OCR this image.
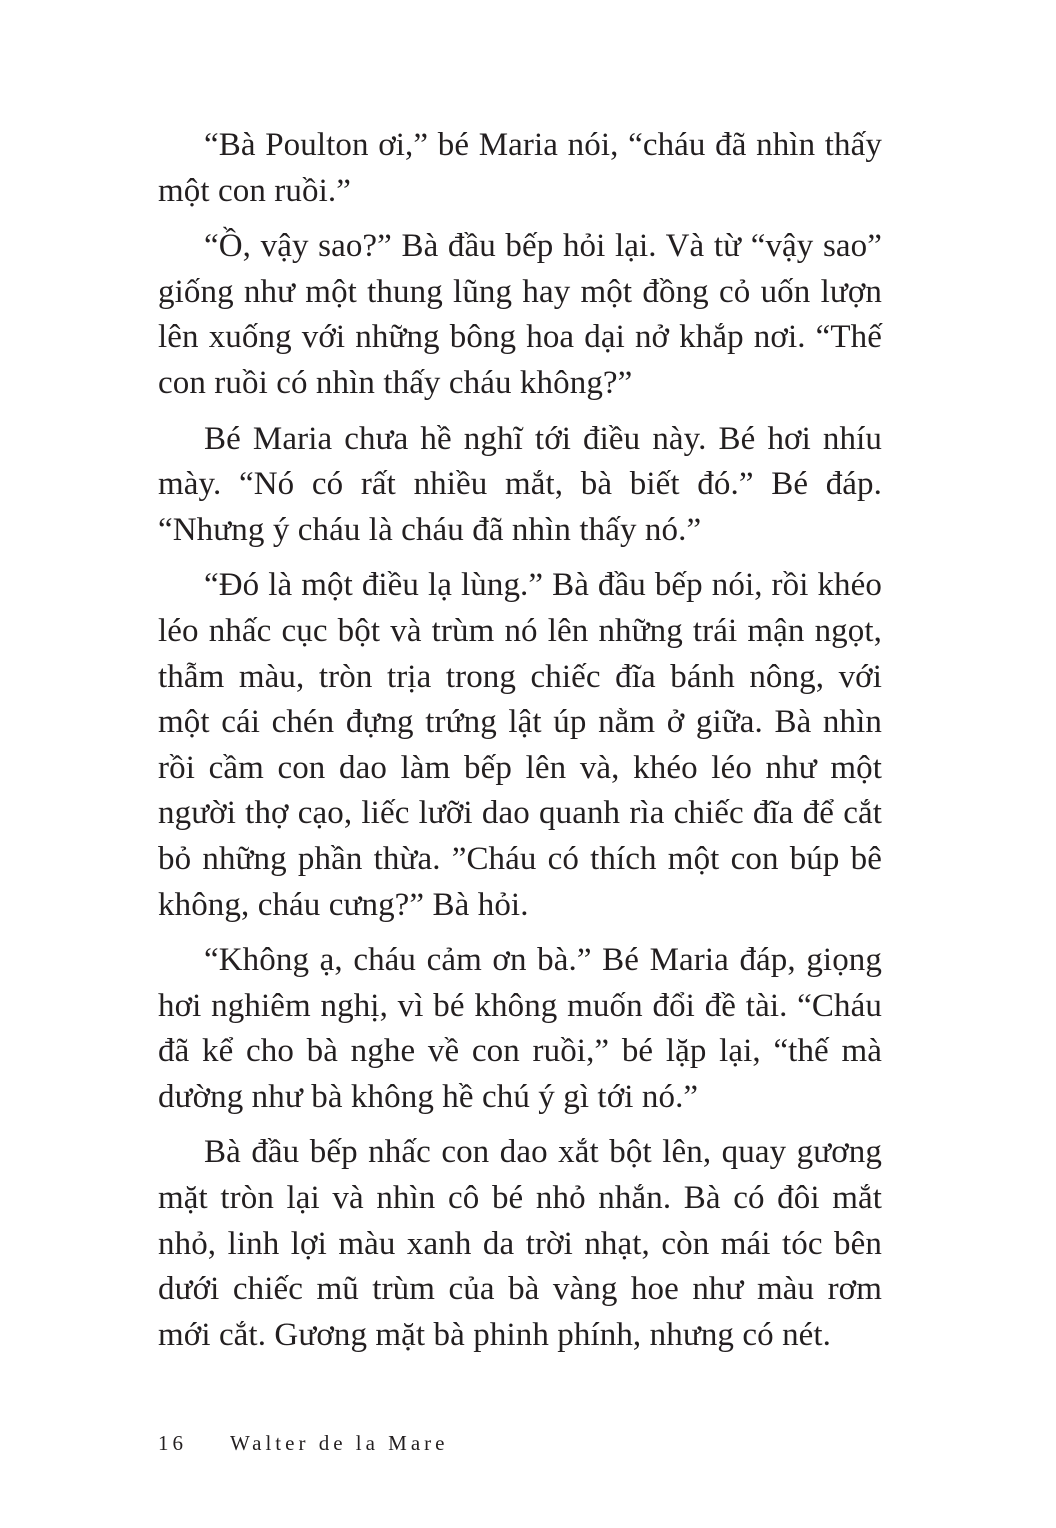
“Bà Poulton ơi,” bé Maria nói, “cháu đã nhìn thấy một con ruồi.”

“Ồ, vậy sao?” Bà đầu bếp hỏi lại. Và từ “vậy sao” giống như một thung lũng hay một đồng cỏ uốn lượn lên xuống với những bông hoa dại nở khắp nơi. “Thế con ruồi có nhìn thấy cháu không?”

Bé Maria chưa hề nghĩ tới điều này. Bé hơi nhíu mày. “Nó có rất nhiều mắt, bà biết đó.” Bé đáp. “Nhưng ý cháu là cháu đã nhìn thấy nó.”

“Đó là một điều lạ lùng.” Bà đầu bếp nói, rồi khéo léo nhấc cục bột và trùm nó lên những trái mận ngọt, thẫm màu, tròn trịa trong chiếc đĩa bánh nông, với một cái chén đựng trứng lật úp nằm ở giữa. Bà nhìn rồi cầm con dao làm bếp lên và, khéo léo như một người thợ cạo, liếc lưỡi dao quanh rìa chiếc đĩa để cắt bỏ những phần thừa. ”Cháu có thích một con búp bê không, cháu cưng?” Bà hỏi.

“Không ạ, cháu cảm ơn bà.” Bé Maria đáp, giọng hơi nghiêm nghị, vì bé không muốn đổi đề tài. “Cháu đã kể cho bà nghe về con ruồi,” bé lặp lại, “thế mà dường như bà không hề chú ý gì tới nó.”

Bà đầu bếp nhấc con dao xắt bột lên, quay gương mặt tròn lại và nhìn cô bé nhỏ nhắn. Bà có đôi mắt nhỏ, linh lợi màu xanh da trời nhạt, còn mái tóc bên dưới chiếc mũ trùm của bà vàng hoe như màu rơm mới cắt. Gương mặt bà phinh phính, nhưng có nét.

16 Walter de la Mare
